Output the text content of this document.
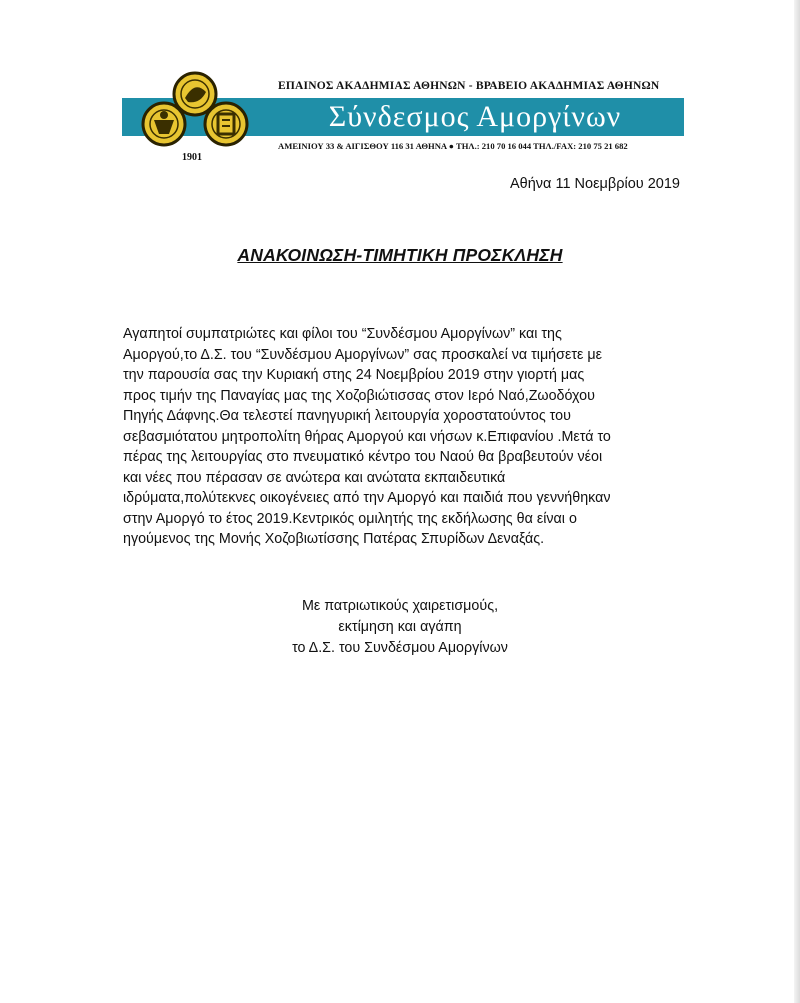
ΕΠΑΙΝΟΣ ΑΚΑΔΗΜΙΑΣ ΑΘΗΝΩΝ - ΒΡΑΒΕΙΟ ΑΚΑΔΗΜΙΑΣ ΑΘΗΝΩΝ
Σύνδεσμος Αμοργίνων
ΑΜΕΙΝΙΟΥ 33 & ΑΙΓΙΣΘΟΥ 116 31 ΑΘΗΝΑ ● ΤΗΛ.: 210 70 16 044 ΤΗΛ./FAX: 210 75 21 682
1901
Αθήνα 11 Νοεμβρίου 2019
ΑΝΑΚΟΙΝΩΣΗ-ΤΙΜΗΤΙΚΗ ΠΡΟΣΚΛΗΣΗ
Αγαπητοί συμπατριώτες και φίλοι του “Συνδέσμου Αμοργίνων” και της
Αμοργού,το Δ.Σ. του “Συνδέσμου Αμοργίνων” σας προσκαλεί να τιμήσετε με
την παρουσία σας την Κυριακή στης 24 Νοεμβρίου 2019 στην γιορτή μας
προς τιμήν της Παναγίας μας της Χοζοβιώτισσας στον Ιερό Ναό,Ζωοδόχου
Πηγής Δάφνης.Θα τελεστεί πανηγυρική λειτουργία χοροστατούντος του
σεβασμιότατου μητροπολίτη θήρας Αμοργού και νήσων κ.Επιφανίου .Μετά το
πέρας της λειτουργίας στο πνευματικό κέντρο του Ναού θα βραβευτούν νέοι
και νέες που πέρασαν σε ανώτερα και ανώτατα εκπαιδευτικά
ιδρύματα,πολύτεκνες οικογένειες από την Αμοργό και παιδιά που γεννήθηκαν
στην Αμοργό το έτος 2019.Κεντρικός ομιλητής της εκδήλωσης θα είναι ο
ηγούμενος της Μονής Χοζοβιωτίσσης Πατέρας Σπυρίδων Δεναξάς.
Με πατριωτικούς χαιρετισμούς,
εκτίμηση και αγάπη
το Δ.Σ. του Συνδέσμου Αμοργίνων
